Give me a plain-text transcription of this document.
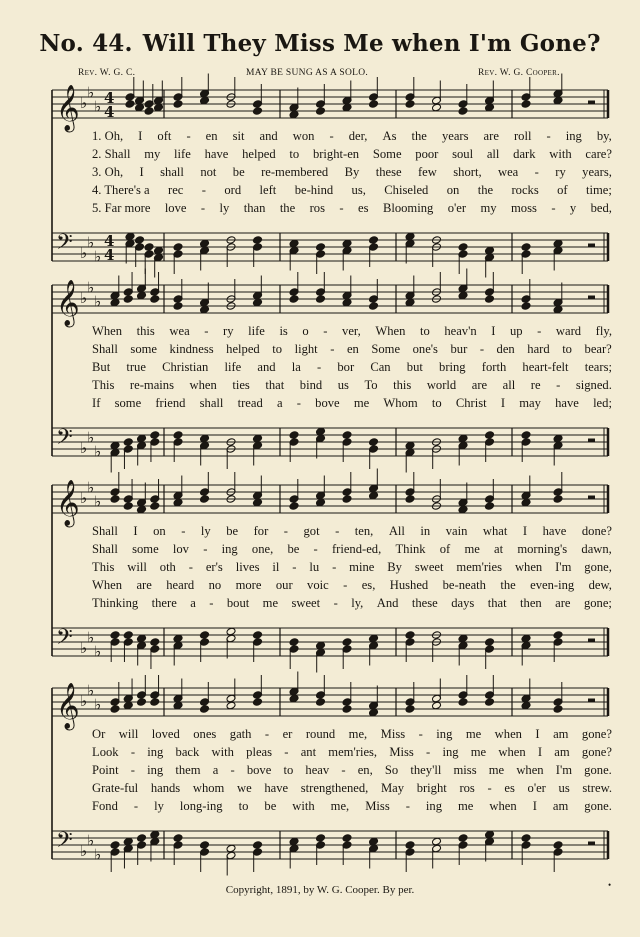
No. 44. Will They Miss Me when I'm Gone?
Rev. W. G. C.	MAY BE SUNG AS A SOLO.	Rev. W. G. Cooper.
𝄞 ♭
♭
♭ 4
4
𝄢 ♭
♭
♭
4
4
1. Oh, I oft - en sit and won - der, As the years are roll - ing by,
2. Shall my life have helped to bright-en Some poor soul all dark with care?
3. Oh, I shall not be re-membered By these few short, wea - ry years,
4. There's a rec - ord left be-hind us, Chiseled on the rocks of time;
5. Far more love - ly than the ros - es Blooming o'er my moss - y bed,
𝄞 ♭
♭
♭
𝄢 ♭
♭
♭
When this wea - ry life is o - ver, When to heav'n I up - ward fly,
Shall some kindness helped to light - en Some one's bur - den hard to bear?
But true Christian life and la - bor Can but bring forth heart-felt tears;
This re-mains when ties that bind us To this world are all re - signed.
If some friend shall tread a - bove me Whom to Christ I may have led;
𝄞 ♭
♭
♭
𝄢 ♭
♭
♭
Shall I on - ly be for - got - ten, All in vain what I have done?
Shall some lov - ing one, be - friend-ed, Think of me at morning's dawn,
This will oth - er's lives il - lu - mine By sweet mem'ries when I'm gone,
When are heard no more our voic - es, Hushed be-neath the even-ing dew,
Thinking there a - bout me sweet - ly, And these days that then are gone;
𝄞 ♭
♭
♭
𝄢 ♭
♭
♭
Or will loved ones gath - er round me, Miss - ing me when I am gone?
Look - ing back with pleas - ant mem'ries, Miss - ing me when I am gone?
Point - ing them a - bove to heav - en, So they'll miss me when I'm gone.
Grate-ful hands whom we have strengthened, May bright ros - es o'er us strew.
Fond - ly long-ing to be with me, Miss - ing me when I am gone.
Copyright, 1891, by W. G. Cooper. By per.	•
